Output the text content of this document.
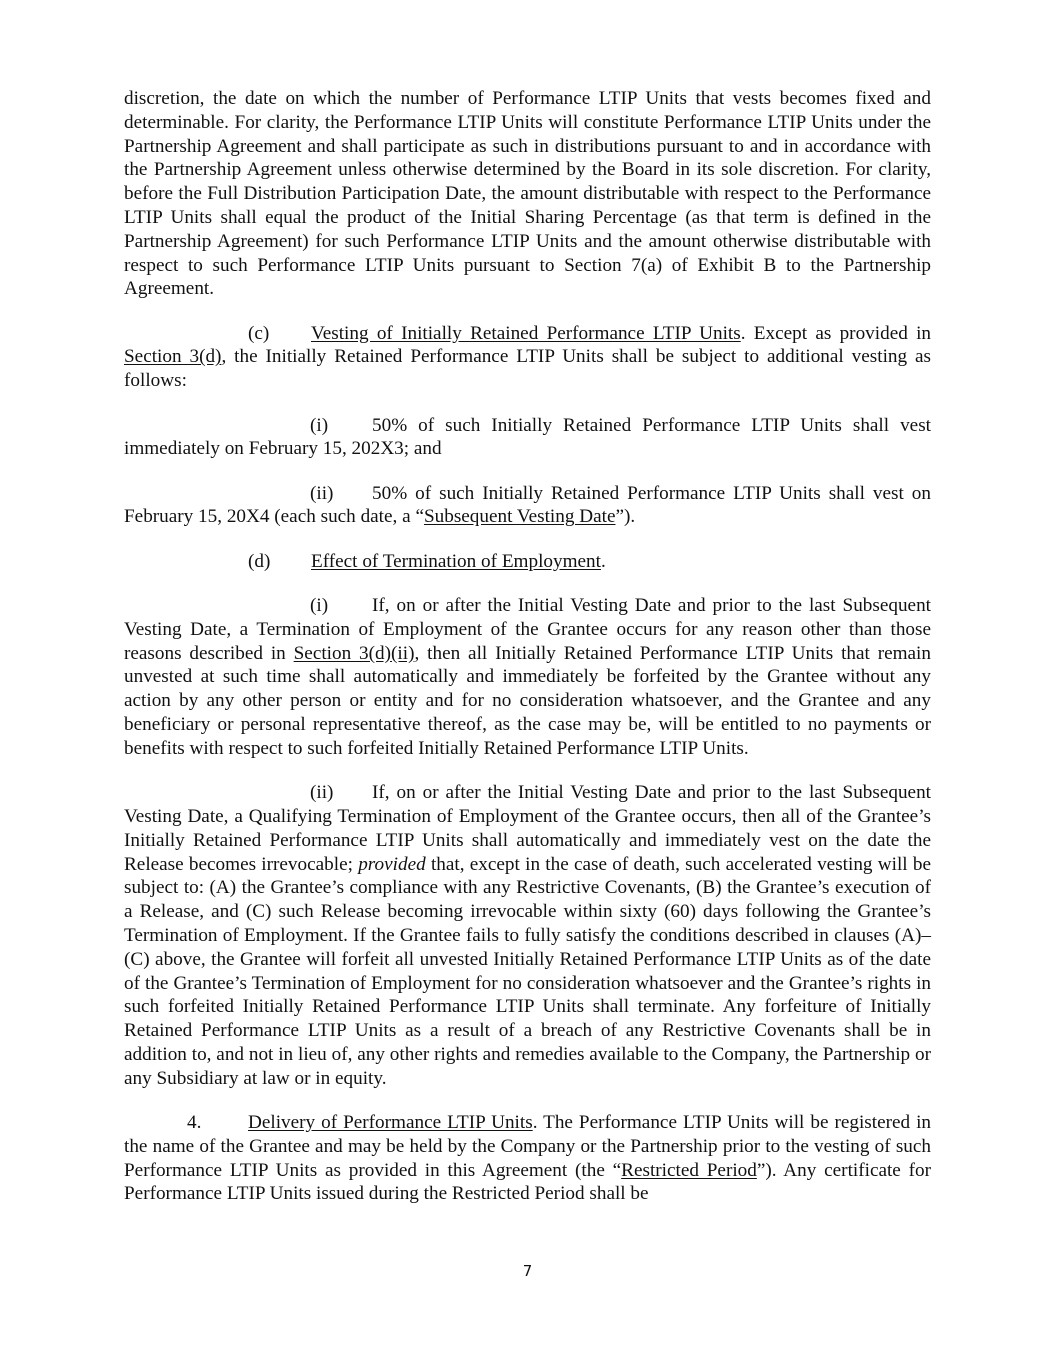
discretion, the date on which the number of Performance LTIP Units that vests becomes fixed and determinable. For clarity, the Performance LTIP Units will constitute Performance LTIP Units under the Partnership Agreement and shall participate as such in distributions pursuant to and in accordance with the Partnership Agreement unless otherwise determined by the Board in its sole discretion. For clarity, before the Full Distribution Participation Date, the amount distributable with respect to the Performance LTIP Units shall equal the product of the Initial Sharing Percentage (as that term is defined in the Partnership Agreement) for such Performance LTIP Units and the amount otherwise distributable with respect to such Performance LTIP Units pursuant to Section 7(a) of Exhibit B to the Partnership Agreement.

(c) Vesting of Initially Retained Performance LTIP Units. Except as provided in Section 3(d), the Initially Retained Performance LTIP Units shall be subject to additional vesting as follows:

(i) 50% of such Initially Retained Performance LTIP Units shall vest immediately on February 15, 202X3; and

(ii) 50% of such Initially Retained Performance LTIP Units shall vest on February 15, 20X4 (each such date, a “Subsequent Vesting Date”).

(d) Effect of Termination of Employment.

(i) If, on or after the Initial Vesting Date and prior to the last Subsequent Vesting Date, a Termination of Employment of the Grantee occurs for any reason other than those reasons described in Section 3(d)(ii), then all Initially Retained Performance LTIP Units that remain unvested at such time shall automatically and immediately be forfeited by the Grantee without any action by any other person or entity and for no consideration whatsoever, and the Grantee and any beneficiary or personal representative thereof, as the case may be, will be entitled to no payments or benefits with respect to such forfeited Initially Retained Performance LTIP Units.

(ii) If, on or after the Initial Vesting Date and prior to the last Subsequent Vesting Date, a Qualifying Termination of Employment of the Grantee occurs, then all of the Grantee’s Initially Retained Performance LTIP Units shall automatically and immediately vest on the date the Release becomes irrevocable; provided that, except in the case of death, such accelerated vesting will be subject to: (A) the Grantee’s compliance with any Restrictive Covenants, (B) the Grantee’s execution of a Release, and (C) such Release becoming irrevocable within sixty (60) days following the Grantee’s Termination of Employment. If the Grantee fails to fully satisfy the conditions described in clauses (A)–(C) above, the Grantee will forfeit all unvested Initially Retained Performance LTIP Units as of the date of the Grantee’s Termination of Employment for no consideration whatsoever and the Grantee’s rights in such forfeited Initially Retained Performance LTIP Units shall terminate. Any forfeiture of Initially Retained Performance LTIP Units as a result of a breach of any Restrictive Covenants shall be in addition to, and not in lieu of, any other rights and remedies available to the Company, the Partnership or any Subsidiary at law or in equity.

4. Delivery of Performance LTIP Units. The Performance LTIP Units will be registered in the name of the Grantee and may be held by the Company or the Partnership prior to the vesting of such Performance LTIP Units as provided in this Agreement (the “Restricted Period”). Any certificate for Performance LTIP Units issued during the Restricted Period shall be

7
